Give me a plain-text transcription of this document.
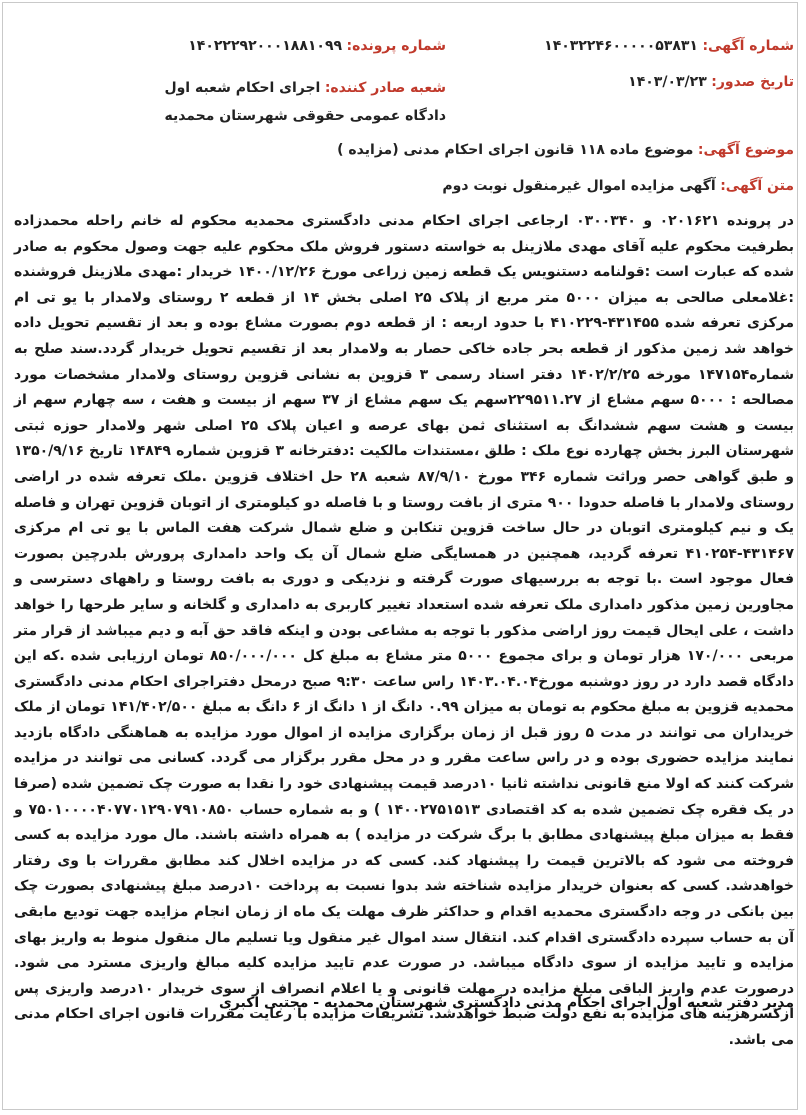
شماره آگهی: ۱۴۰۳۲۲۴۶۰۰۰۰۰۵۳۸۳۱
شماره پرونده: ۱۴۰۲۲۲۹۲۰۰۰۱۸۸۱۰۹۹
تاریخ صدور: ۱۴۰۳/۰۳/۲۳
شعبه صادر کننده: اجرای احکام شعبه اول دادگاه عمومی حقوقی شهرستان محمدیه
موضوع آگهی: موضوع ماده ۱۱۸ قانون اجرای احکام مدنی (مزایده )
متن آگهی: آگهی مزایده اموال غیرمنقول نوبت دوم

در پرونده ۰۲۰۱۶۲۱ و ۰۳۰۰۳۴۰ ارجاعی اجرای احکام مدنی دادگستری محمدیه محکوم له خانم راحله محمدزاده بطرفیت محکوم علیه آقای مهدی ملازینل به خواسته دستور فروش ملک محکوم علیه جهت وصول محکوم به صادر شده که عبارت است :قولنامه دستنویس یک قطعه زمین زراعی مورخ ۱۴۰۰/۱۲/۲۶ خریدار :مهدی ملازینل فروشنده :غلامعلی صالحی به میزان ۵۰۰۰ متر مربع از پلاک ۲۵ اصلی بخش ۱۴ از قطعه ۲ روستای ولامدار با یو تی ام مرکزی تعرفه شده ۴۳۱۴۵۵-۴۱۰۲۲۹ با حدود اربعه : از قطعه دوم بصورت مشاع بوده و بعد از تقسیم تحویل داده خواهد شد زمین مذکور از قطعه بحر جاده خاکی حصار به ولامدار بعد از تقسیم تحویل خریدار گردد.سند صلح به شماره۱۴۷۱۵۴ مورخه ۱۴۰۲/۲/۲۵ دفتر اسناد رسمی ۳ قزوین به نشانی قزوین روستای ولامدار مشخصات مورد مصالحه : ۵۰۰۰ سهم مشاع از ۲۲۹۵۱۱.۲۷سهم یک سهم مشاع از ۳۷ سهم از بیست و هفت ، سه چهارم سهم از بیست و هشت سهم ششدانگ به استثنای ثمن بهای عرصه و اعیان پلاک ۲۵ اصلی شهر ولامدار حوزه ثبتی شهرستان البرز بخش چهارده نوع ملک : طلق ،مستندات مالکیت :دفترخانه ۳ قزوین شماره ۱۴۸۴۹ تاریخ ۱۳۵۰/۹/۱۶ و طبق گواهی حصر وراثت شماره ۳۴۶ مورخ ۸۷/۹/۱۰ شعبه ۲۸ حل اختلاف قزوین .ملک تعرفه شده در اراضی روستای ولامدار با فاصله حدودا ۹۰۰ متری از بافت روستا و با فاصله دو کیلومتری از اتوبان قزوین تهران و فاصله یک و نیم کیلومتری اتوبان در حال ساخت قزوین تنکابن و ضلع شمال شرکت هفت الماس با یو تی ام مرکزی ۴۳۱۴۶۷-۴۱۰۲۵۴ تعرفه گردید، همچنین در همسایگی ضلع شمال آن یک واحد دامداری پرورش بلدرچین بصورت فعال موجود است .با توجه به بررسیهای صورت گرفته و نزدیکی و دوری به بافت روستا و راههای دسترسی و مجاورین زمین مذکور دامداری ملک تعرفه شده استعداد تغییر کاربری به دامداری و گلخانه و سایر طرحها را خواهد داشت ، علی ایحال قیمت روز اراضی مذکور با توجه به مشاعی بودن و اینکه فاقد حق آبه و دیم میباشد از قرار متر مربعی ۱۷۰/۰۰۰ هزار تومان و برای مجموع ۵۰۰۰ متر مشاع به مبلغ کل ۸۵۰/۰۰۰/۰۰۰ تومان ارزیابی شده .که این دادگاه قصد دارد در روز دوشنبه مورخ۱۴۰۳.۰۴.۰۴ راس ساعت ۹:۳۰ صبح درمحل دفتراجرای احکام مدنی دادگستری محمدیه قزوین به مبلغ محکوم به تومان به میزان ۰.۹۹ دانگ از ۱ دانگ از ۶ دانگ به مبلغ ۱۴۱/۴۰۲/۵۰۰ تومان از ملک خریداران می توانند در مدت ۵ روز قبل از زمان برگزاری مزایده از اموال مورد مزایده به هماهنگی دادگاه بازدید نمایند مزایده حضوری بوده و در راس ساعت مقرر و در محل مقرر برگزار می گردد. کسانی می توانند در مزایده شرکت کنند که اولا منع قانونی نداشته ثانیا ۱۰درصد قیمت پیشنهادی خود را نقدا به صورت چک تضمین شده (صرفا در یک فقره چک تضمین شده به کد اقتصادی ۱۴۰۰۲۷۵۱۵۱۳ ) و به شماره حساب ۷۵۰۱۰۰۰۰۴۰۷۷۰۱۲۹۰۷۹۱۰۸۵۰ و فقط به میزان مبلغ پیشنهادی مطابق با برگ شرکت در مزایده ) به همراه داشته باشند. مال مورد مزایده به کسی فروخته می شود که بالاترین قیمت را پیشنهاد کند. کسی که در مزایده اخلال کند مطابق مقررات با وی رفتار خواهدشد. کسی که بعنوان خریدار مزایده شناخته شد بدوا نسبت به پرداخت ۱۰درصد مبلغ پیشنهادی بصورت چک بین بانکی در وجه دادگستری محمدیه اقدام و حداکثر ظرف مهلت یک ماه از زمان انجام مزایده جهت تودیع مابقی آن به حساب سپرده دادگستری اقدام کند. انتقال سند اموال غیر منقول ویا تسلیم مال منقول منوط به واریز بهای مزایده و تایید مزایده از سوی دادگاه میباشد. در صورت عدم تایید مزایده کلیه مبالغ واریزی مسترد می شود. درصورت عدم واریز الباقی مبلغ مزایده در مهلت قانونی و یا اعلام انصراف از سوی خریدار ۱۰درصد واریزی پس ازکسرهزینه های مزایده به نفع دولت ضبط خواهدشد. تشریفات مزایده با رعایت مقررات قانون اجرای احکام مدنی می باشد.

مدیر دفتر شعبه اول اجرای احکام مدنی دادگستری شهرستان محمدیه - مجتبی اکبری
